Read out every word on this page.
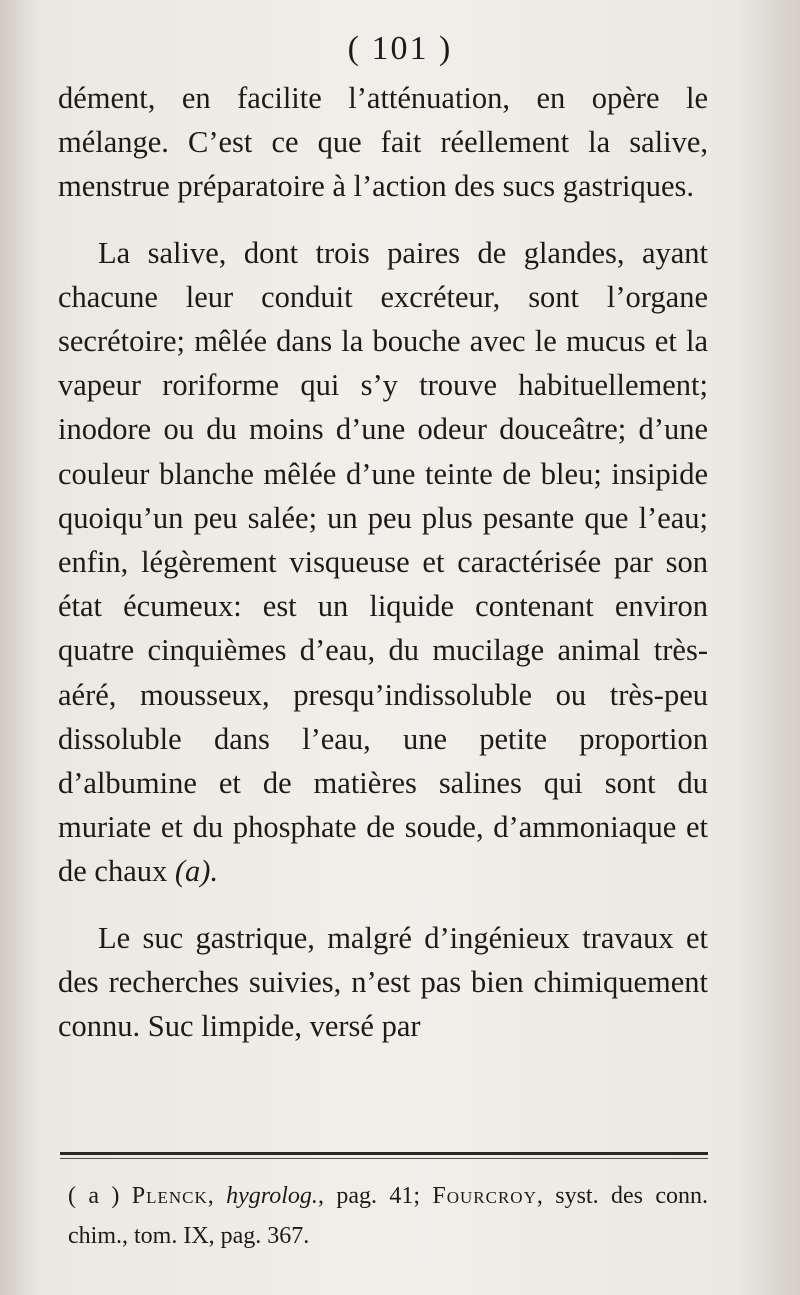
( 101 )

dément, en facilite l’atténuation, en opère le mélange. C’est ce que fait réellement la salive, menstrue préparatoire à l’action des sucs gastriques.

La salive, dont trois paires de glandes, ayant chacune leur conduit excréteur, sont l’organe secrétoire; mêlée dans la bouche avec le mucus et la vapeur roriforme qui s’y trouve habituellement; inodore ou du moins d’une odeur douceâtre; d’une couleur blanche mêlée d’une teinte de bleu; insipide quoiqu’un peu salée; un peu plus pesante que l’eau; enfin, légèrement visqueuse et caractérisée par son état écumeux: est un liquide contenant environ quatre cinquièmes d’eau, du mucilage animal très-aéré, mousseux, presqu’indissoluble ou très-peu dissoluble dans l’eau, une petite proportion d’albumine et de matières salines qui sont du muriate et du phosphate de soude, d’ammoniaque et de chaux (a).

Le suc gastrique, malgré d’ingénieux travaux et des recherches suivies, n’est pas bien chimiquement connu. Suc limpide, versé par

( a ) Plenck, hygrolog., pag. 41; Fourcroy, syst. des conn. chim., tom. IX, pag. 367.
